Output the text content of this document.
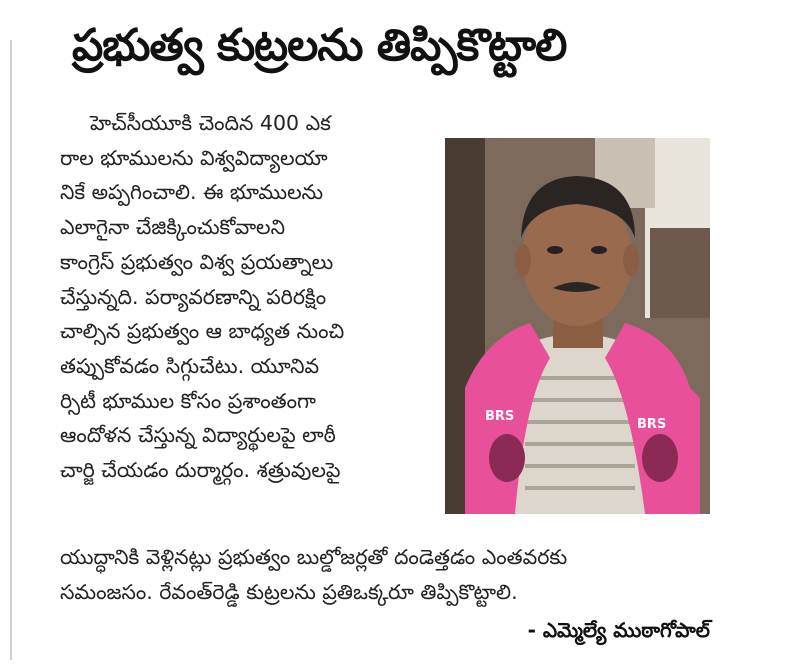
ప్రభుత్వ కుట్రలను తిప్పికొట్టాలి
హెచ్‌సీయూకి చెందిన 400 ఎక
రాల భూములను విశ్వవిద్యాలయా
నికే అప్పగించాలి. ఈ భూములను
ఎలాగైనా చేజిక్కించుకోవాలని
కాంగ్రెస్‌ ప్రభుత్వం విశ్వ ప్రయత్నాలు
చేస్తున్నది. పర్యావరణాన్ని పరిరక్షిం
చాల్సిన ప్రభుత్వం ఆ బాధ్యత నుంచి
తప్పుకోవడం సిగ్గుచేటు. యూనివ
ర్సిటీ భూముల కోసం ప్రశాంతంగా
ఆందోళన చేస్తున్న విద్యార్థులపై లాఠీ
చార్జి చేయడం దుర్మార్గం. శత్రువులపై
BRS
BRS
యుద్ధానికి వెళ్లినట్లు ప్రభుత్వం బుల్డోజర్లతో దండెత్తడం ఎంతవరకు
సమంజసం. రేవంత్‌రెడ్డి కుట్రలను ప్రతిఒక్కరూ తిప్పికొట్టాలి.
- ఎమ్మెల్యే ముఠాగోపాల్
